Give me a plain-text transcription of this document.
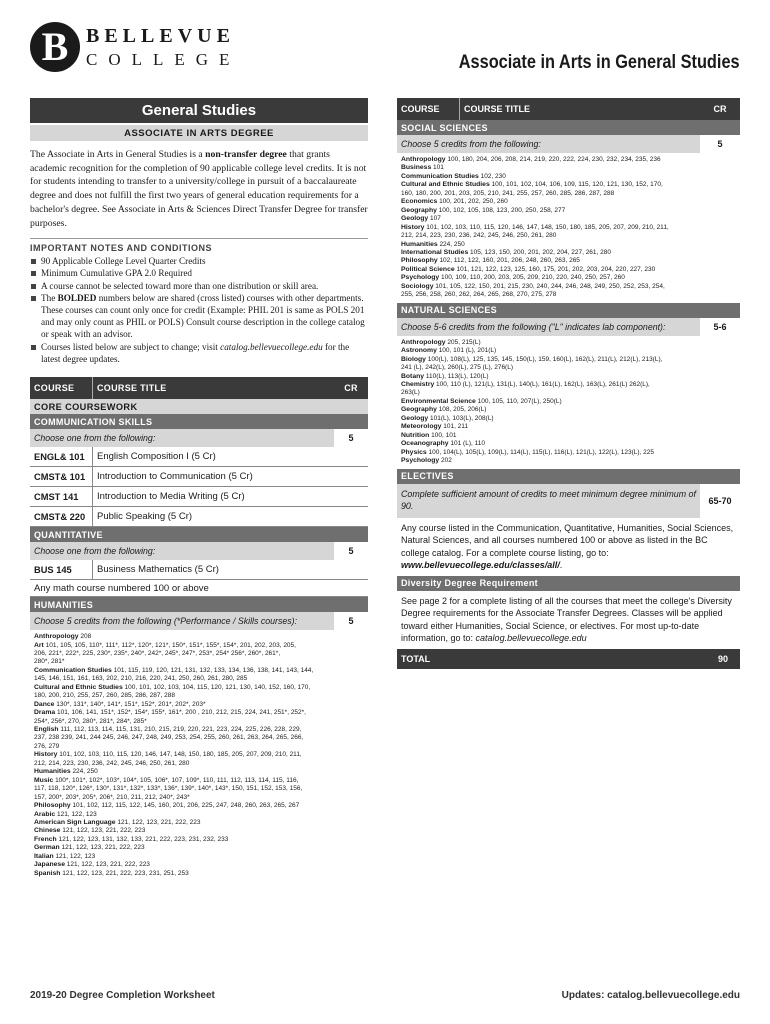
B BELLEVUE
COLLEGE	Associate in Arts in General Studies
General Studies
ASSOCIATE IN ARTS DEGREE

The Associate in Arts in General Studies is a non-transfer degree that grants academic recognition for the completion of 90 applicable college level credits. It is not for students intending to transfer to a university/college in pursuit of a baccalaureate degree and does not fulfill the first two years of general education requirements for a bachelor's degree. See Associate in Arts & Sciences Direct Transfer Degree for transfer purposes.

IMPORTANT NOTES AND CONDITIONS
90 Applicable College Level Quarter Credits
Minimum Cumulative GPA 2.0 Required
A course cannot be selected toward more than one distribution or skill area.
The BOLDED numbers below are shared (cross listed) courses with other departments. These courses can count only once for credit (Example: PHIL 201 is same as POLS 201 and may only count as PHIL or POLS) Consult course description in the college catalog or speak with an advisor.
Courses listed below are subject to change; visit catalog.bellevuecollege.edu for the latest degree updates.
COURSE	COURSE TITLE	CR
CORE COURSEWORK
COMMUNICATION SKILLS
Choose one from the following:	5
ENGL& 101	English Composition I (5 Cr)
CMST& 101	Introduction to Communication (5 Cr)
CMST 141	Introduction to Media Writing (5 Cr)
CMST& 220	Public Speaking (5 Cr)
QUANTITATIVE
Choose one from the following:	5
BUS 145	Business Mathematics (5 Cr)
Any math course numbered 100 or above
HUMANITIES
Choose 5 credits from the following (*Performance / Skills courses):	5
Anthropology 208
Art 101, 105, 105, 110*, 111*, 112*, 120*, 121*, 150*, 151*, 155*, 154*, 201, 202, 203, 205,
206, 221*, 222*, 225, 230*, 235*, 240*, 242*, 245*, 247*, 253*, 254* 256*, 260*, 261*,
280*, 281*
Communication Studies 101, 115, 119, 120, 121, 131, 132, 133, 134, 136, 138, 141, 143, 144,
145, 146, 151, 161, 163, 202, 210, 216, 220, 241, 250, 260, 261, 280, 285
Cultural and Ethnic Studies 100, 101, 102, 103, 104, 115, 120, 121, 130, 140, 152, 160, 170,
180, 200, 210, 255, 257, 260, 285, 286, 287, 288
Dance 130*, 131*, 140*, 141*, 151*, 152*, 201*, 202*, 203*
Drama 101, 106, 141, 151*, 152*, 154*, 155*, 161*, 200 , 210, 212, 215, 224, 241, 251*, 252*,
254*, 256*, 270, 280*, 281*, 284*, 285*
English 111, 112, 113, 114, 115, 131, 210, 215, 219, 220, 221, 223, 224, 225, 226, 228, 229,
237, 238 239, 241, 244 245, 246, 247, 248, 249, 253, 254, 255, 260, 261, 263, 264, 265, 266,
276, 279
History 101, 102, 103, 110, 115, 120, 146, 147, 148, 150, 180, 185, 205, 207, 209, 210, 211,
212, 214, 223, 230, 236, 242, 245, 246, 250, 261, 280
Humanities 224, 250
Music 100*, 101*, 102*, 103*, 104*, 105, 106*, 107, 109*, 110, 111, 112, 113, 114, 115, 116,
117, 118, 120*, 126*, 130*, 131*, 132*, 133*, 136*, 139*, 140*, 143*, 150, 151, 152, 153, 156,
157, 200*, 203*, 205*, 206*, 210, 211, 212, 240*, 243*
Philosophy 101, 102, 112, 115, 122, 145, 160, 201, 206, 225, 247, 248, 260, 263, 265, 267
Arabic 121, 122, 123
American Sign Language 121, 122, 123, 221, 222, 223
Chinese 121, 122, 123, 221, 222, 223
French 121, 122, 123, 131, 132, 133, 221, 222, 223, 231, 232, 233
German 121, 122, 123, 221, 222, 223
Italian 121, 122, 123
Japanese 121, 122, 123, 221, 222, 223
Spanish 121, 122, 123, 221, 222, 223, 231, 251, 253
COURSE	COURSE TITLE	CR
SOCIAL SCIENCES
Choose 5 credits from the following:	5
Anthropology 100, 180, 204, 206, 208, 214, 219, 220, 222, 224, 230, 232, 234, 235, 236
Business 101
Communication Studies 102, 230
Cultural and Ethnic Studies 100, 101, 102, 104, 106, 109, 115, 120, 121, 130, 152, 170,
160, 180, 200, 201, 203, 205, 210, 241, 255, 257, 260, 285, 286, 287, 288
Economics 100, 201, 202, 250, 260
Geography 100, 102, 105, 108, 123, 200, 250, 258, 277
Geology 107
History 101, 102, 103, 110, 115, 120, 146, 147, 148, 150, 180, 185, 205, 207, 209, 210, 211,
212, 214, 223, 230, 236, 242, 245, 246, 250, 261, 280
Humanities 224, 250
International Studies 105, 123, 150, 200, 201, 202, 204, 227, 261, 280
Philosophy 102, 112, 122, 160, 201, 206, 248, 260, 263, 265
Political Science 101, 121, 122, 123, 125, 160, 175, 201, 202, 203, 204, 220, 227, 230
Psychology 100, 109, 110, 200, 203, 205, 209, 210, 220, 240, 250, 257, 260
Sociology 101, 105, 122, 150, 201, 215, 230, 240, 244, 246, 248, 249, 250, 252, 253, 254,
255, 256, 258, 260, 262, 264, 265, 268, 270, 275, 278
NATURAL SCIENCES
Choose 5-6 credits from the following ("L" indicates lab component):	5-6
Anthropology 205, 215(L)
Astronomy 100, 101 (L), 201(L)
Biology 100(L), 108(L), 125, 135, 145, 150(L), 159, 160(L), 162(L), 211(L), 212(L), 213(L),
241 (L), 242(L), 260(L), 275 (L), 276(L)
Botany 110(L), 113(L), 120(L)
Chemistry 100, 110 (L), 121(L), 131(L), 140(L), 161(L), 162(L), 163(L), 261(L) 262(L),
263(L)
Environmental Science 100, 105, 110, 207(L), 250(L)
Geography 108, 205, 206(L)
Geology 101(L), 103(L), 208(L)
Meteorology 101, 211
Nutrition 100, 101
Oceanography 101 (L), 110
Physics 100, 104(L), 105(L), 109(L), 114(L), 115(L), 116(L), 121(L), 122(L), 123(L), 225
Psychology 202
ELECTIVES
Complete sufficient amount of credits to meet minimum degree minimum of 90.	65-70
Any course listed in the Communication, Quantitative, Humanities, Social Sciences, Natural Sciences, and all courses numbered 100 or above as listed in the BC college catalog. For a complete course listing, go to: www.bellevuecollege.edu/classes/all/.
Diversity Degree Requirement
See page 2 for a complete listing of all the courses that meet the college's Diversity Degree requirements for the Associate Transfer Degrees. Classes will be applied toward either Humanities, Social Science, or electives. For most up-to-date information, go to: catalog.bellevuecollege.edu
TOTAL	90
2019-20 Degree Completion Worksheet	Updates: catalog.bellevuecollege.edu
